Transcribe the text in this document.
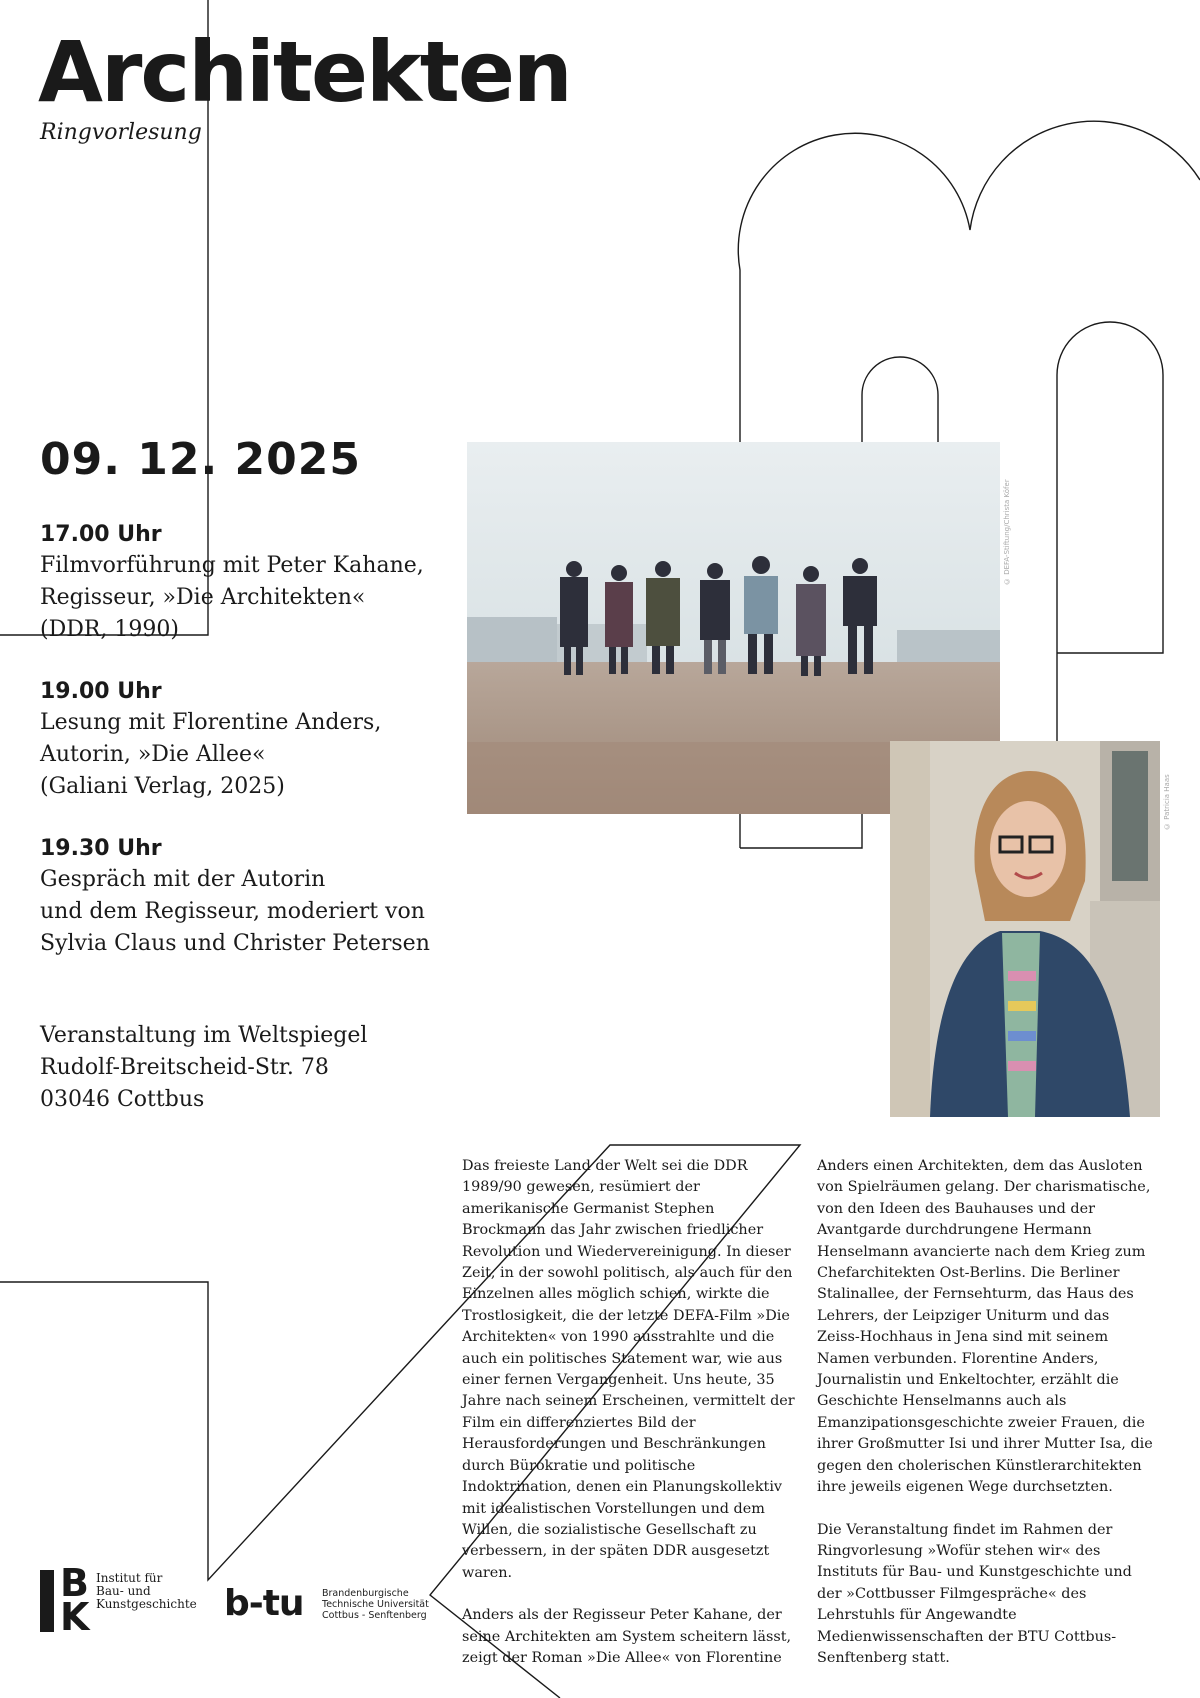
Architekten
Ringvorlesung
09. 12. 2025
17.00 Uhr
Filmvorführung mit Peter Kahane,
Regisseur, »Die Architekten«
(DDR, 1990)
19.00 Uhr
Lesung mit Florentine Anders,
Autorin, »Die Allee«
(Galiani Verlag, 2025)
19.30 Uhr
Gespräch mit der Autorin
und dem Regisseur, moderiert von
Sylvia Claus und Christer Petersen
Veranstaltung im Weltspiegel
Rudolf-Breitscheid-Str. 78
03046 Cottbus
© DEFA-Stiftung/Christa Köfer
© Patricia Haas

Das freieste Land der Welt sei die DDR 1989/90 gewesen, resümiert der amerikanische Germanist Stephen Brockmann das Jahr zwischen friedlicher Revolution und Wiedervereinigung. In dieser Zeit, in der sowohl politisch, als auch für den Einzelnen alles möglich schien, wirkte die Trostlosigkeit, die der letzte DEFA-Film »Die Architekten« von 1990 ausstrahlte und die auch ein politisches Statement war, wie aus einer fernen Vergangenheit. Uns heute, 35 Jahre nach seinem Erscheinen, vermittelt der Film ein differenziertes Bild der Herausforderungen und Beschränkungen durch Bürokratie und politische Indoktrination, denen ein Planungskollektiv mit idealistischen Vorstellungen und dem Willen, die sozialistische Gesellschaft zu verbessern, in der späten DDR ausgesetzt waren.

Anders als der Regisseur Peter Kahane, der seine Architekten am System scheitern lässt, zeigt der Roman »Die Allee« von Florentine

Anders einen Architekten, dem das Ausloten von Spielräumen gelang. Der charismatische, von den Ideen des Bauhauses und der Avantgarde durchdrungene Hermann Henselmann avancierte nach dem Krieg zum Chefarchitekten Ost-Berlins. Die Berliner Stalinallee, der Fernsehturm, das Haus des Lehrers, der Leipziger Uniturm und das Zeiss-Hochhaus in Jena sind mit seinem Namen verbunden. Florentine Anders, Journalistin und Enkeltochter, erzählt die Geschichte Henselmanns auch als Emanzipationsgeschichte zweier Frauen, die ihrer Großmutter Isi und ihrer Mutter Isa, die gegen den cholerischen Künstlerarchitekten ihre jeweils eigenen Wege durchsetzten.

Die Veranstaltung findet im Rahmen der Ringvorlesung »Wofür stehen wir« des Instituts für Bau- und Kunstgeschichte und der »Cottbusser Filmgespräche« des Lehrstuhls für Angewandte Medienwissenschaften der BTU Cottbus-Senftenberg statt.

B
K
Institut für
Bau- und
Kunstgeschichte b-tu Brandenburgische
Technische Universität
Cottbus - Senftenberg
